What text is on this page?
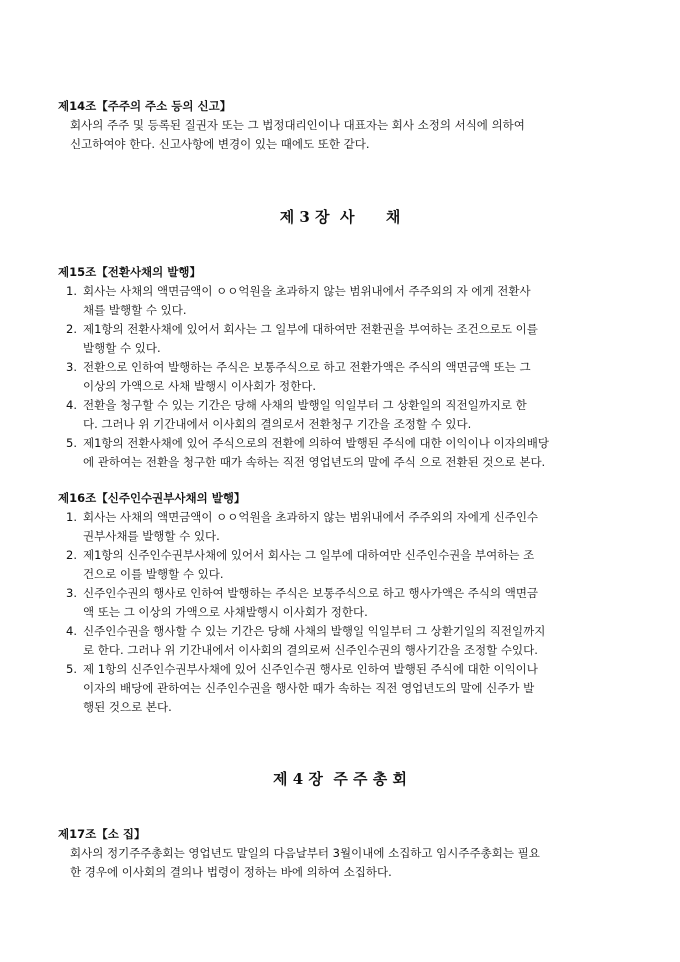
제14조【주주의 주소 등의 신고】
회사의 주주 및 등록된 질권자 또는 그 법정대리인이나 대표자는 회사 소정의 서식에 의하여
신고하여야 한다. 신고사항에 변경이 있는 때에도 또한 같다.
제 3 장  사      채
제15조【전환사채의 발행】
1. 회사는 사채의 액면금액이 ㅇㅇ억원을 초과하지 않는 범위내에서 주주외의 자 에게 전환사
채를 발행할 수 있다.
2. 제1항의 전환사채에 있어서 회사는 그 일부에 대하여만 전환권을 부여하는 조건으로도 이를
발행할 수 있다.
3. 전환으로 인하여 발행하는 주식은 보통주식으로 하고 전환가액은 주식의 액면금액 또는 그
이상의 가액으로 사채 발행시 이사회가 정한다.
4. 전환을 청구할 수 있는 기간은 당해 사채의 발행일 익일부터 그 상환일의 직전일까지로 한
다. 그러나 위 기간내에서 이사회의 결의로서 전환청구 기간을 조정할 수 있다.
5. 제1항의 전환사채에 있어 주식으로의 전환에 의하여 발행된 주식에 대한 이익이나 이자의배당
에 관하여는 전환을 청구한 때가 속하는 직전 영업년도의 말에 주식 으로 전환된 것으로 본다.
제16조【신주인수권부사채의 발행】
1. 회사는 사채의 액면금액이 ㅇㅇ억원을 초과하지 않는 범위내에서 주주외의 자에게 신주인수
권부사채를 발행할 수 있다.
2. 제1항의 신주인수권부사채에 있어서 회사는 그 일부에 대하여만 신주인수권을 부여하는 조
건으로 이를 발행할 수 있다.
3. 신주인수권의 행사로 인하여 발행하는 주식은 보통주식으로 하고 행사가액은 주식의 액면금
액 또는 그 이상의 가액으로 사채발행시 이사회가 정한다.
4. 신주인수권을 행사할 수 있는 기간은 당해 사채의 발행일 익일부터 그 상환기일의 직전일까지
로 한다. 그러나 위 기간내에서 이사회의 결의로써 신주인수권의 행사기간을 조정할 수있다.
5. 제 1항의 신주인수권부사채에 있어 신주인수권 행사로 인하여 발행된 주식에 대한 이익이나
이자의 배당에 관하여는 신주인수권을 행사한 때가 속하는 직전 영업년도의 말에 신주가 발
행된 것으로 본다.
제 4 장  주 주 총 회
제17조【소 집】
회사의 정기주주총회는 영업년도 말일의 다음날부터 3월이내에 소집하고 임시주주총회는 필요
한 경우에 이사회의 결의나 법령이 정하는 바에 의하여 소집하다.
